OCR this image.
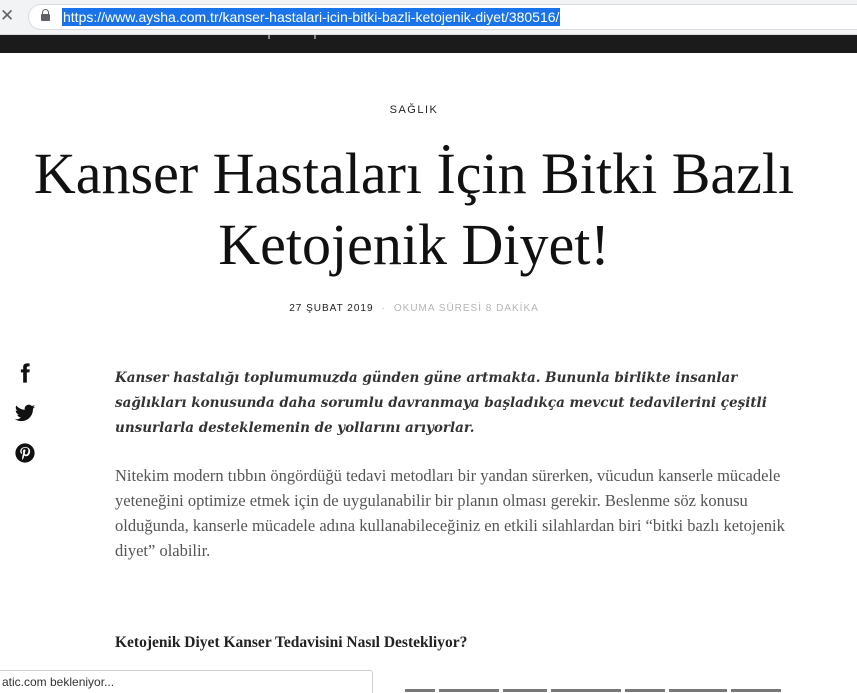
✕	https://www.aysha.com.tr/kanser-hastalari-icin-bitki-bazli-ketojenik-diyet/380516/
SAĞLIK
Kanser Hastaları İçin Bitki Bazlı Ketojenik Diyet!
27 ŞUBAT 2019 · OKUMA SÜRESİ 8 DAKİKA

Kanser hastalığı toplumumuzda günden güne artmakta. Bununla birlikte insanlar sağlıkları konusunda daha sorumlu davranmaya başladıkça mevcut tedavilerini çeşitli unsurlarla desteklemenin de yollarını arıyorlar.

Nitekim modern tıbbın öngördüğü tedavi metodları bir yandan sürerken, vücudun kanserle mücadele yeteneğini optimize etmek için de uygulanabilir bir planın olması gerekir. Beslenme söz konusu olduğunda, kanserle mücadele adına kullanabileceğiniz en etkili silahlardan biri “bitki bazlı ketojenik diyet” olabilir.

Ketojenik Diyet Kanser Tedavisini Nasıl Destekliyor?
atic.com bekleniyor...
